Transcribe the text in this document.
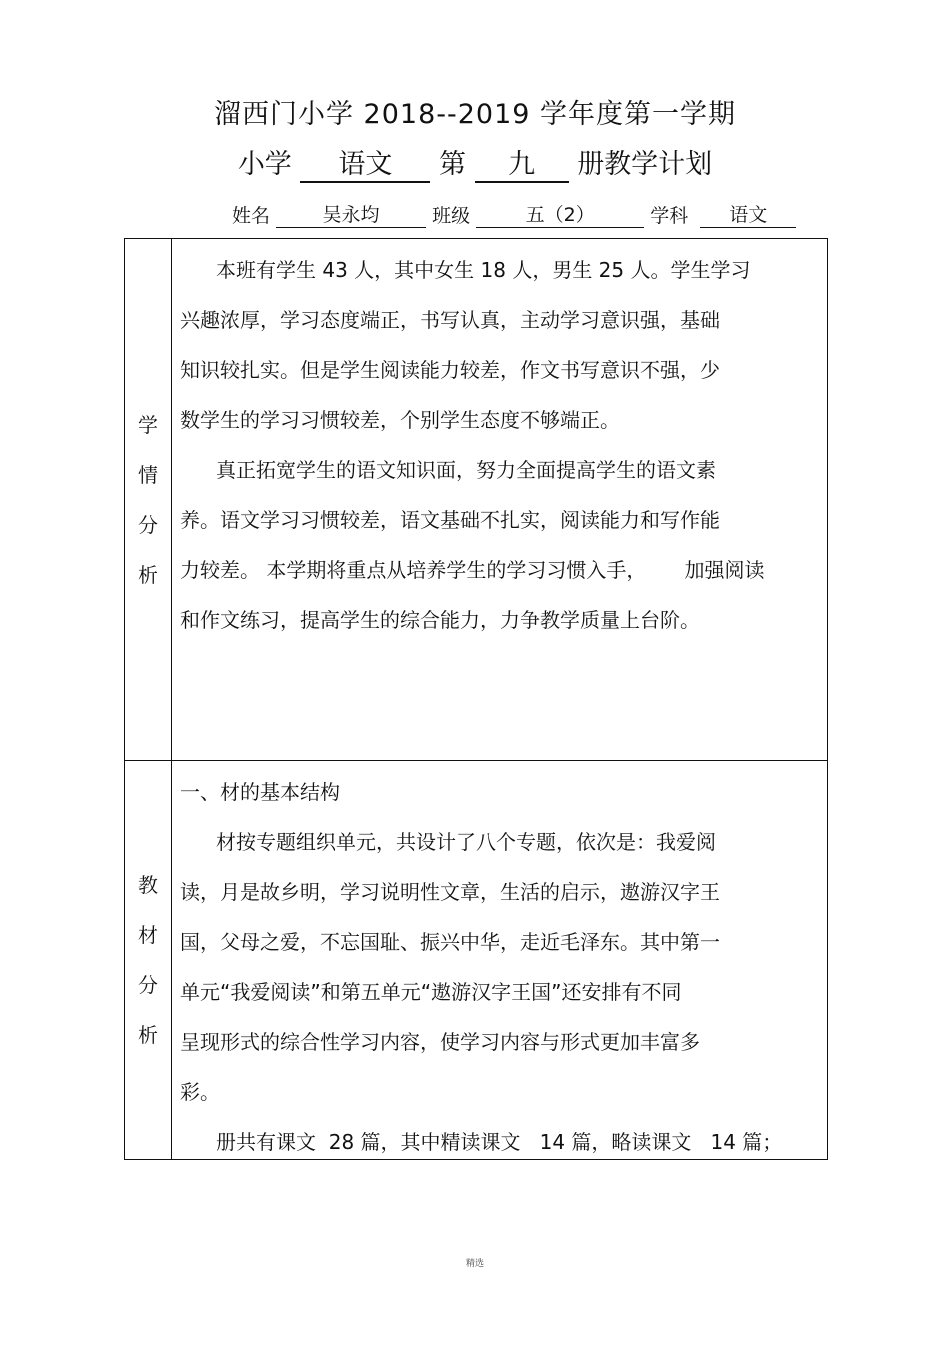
溜西门小学 2018--2019 学年度第一学期
小学 语文 第 九 册教学计划
姓名	吴永均	班级	五（2）	学科 语文
学
情
分
析

本班有学生 43 人，其中女生 18 人，男生 25 人。学生学习

兴趣浓厚，学习态度端正，书写认真，主动学习意识强，基础

知识较扎实。但是学生阅读能力较差，作文书写意识不强，少

数学生的学习习惯较差，个别学生态度不够端正。

真正拓宽学生的语文知识面，努力全面提高学生的语文素

养。语文学习习惯较差，语文基础不扎实，阅读能力和写作能

力较差。 本学期将重点从培养学生的学习习惯入手，      加强阅读

和作文练习，提高学生的综合能力，力争教学质量上台阶。

教
材
分
析

一、材的基本结构

材按专题组织单元，共设计了八个专题，依次是：我爱阅

读，月是故乡明，学习说明性文章，生活的启示，遨游汉字王

国，父母之爱，不忘国耻、振兴中华，走近毛泽东。其中第一

单元“我爱阅读”和第五单元“遨游汉字王国”还安排有不同

呈现形式的综合性学习内容，使学习内容与形式更加丰富多

彩。

册共有课文  28 篇，其中精读课文   14 篇，略读课文   14 篇；

精选
